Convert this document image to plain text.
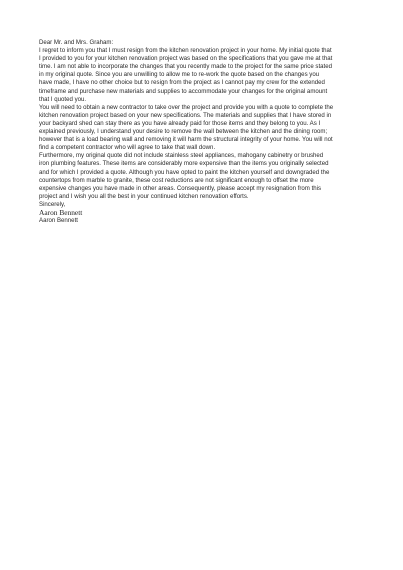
Dear Mr. and Mrs. Graham:

I regret to inform you that I must resign from the kitchen renovation project in your home. My initial quote that
I provided to you for your kitchen renovation project was based on the specifications that you gave me at that
time. I am not able to incorporate the changes that you recently made to the project for the same price stated
in my original quote. Since you are unwilling to allow me to re-work the quote based on the changes you
have made, I have no other choice but to resign from the project as I cannot pay my crew for the extended
timeframe and purchase new materials and supplies to accommodate your changes for the original amount
that I quoted you.

You will need to obtain a new contractor to take over the project and provide you with a quote to complete the
kitchen renovation project based on your new specifications. The materials and supplies that I have stored in
your backyard shed can stay there as you have already paid for those items and they belong to you. As I
explained previously, I understand your desire to remove the wall between the kitchen and the dining room;
however that is a load bearing wall and removing it will harm the structural integrity of your home. You will not
find a competent contractor who will agree to take that wall down.

Furthermore, my original quote did not include stainless steel appliances, mahogany cabinetry or brushed
iron plumbing features. These items are considerably more expensive than the items you originally selected
and for which I provided a quote. Although you have opted to paint the kitchen yourself and downgraded the
countertops from marble to granite, these cost reductions are not significant enough to offset the more
expensive changes you have made in other areas. Consequently, please accept my resignation from this
project and I wish you all the best in your continued kitchen renovation efforts.

Sincerely,

Aaron Bennett

Aaron Bennett
